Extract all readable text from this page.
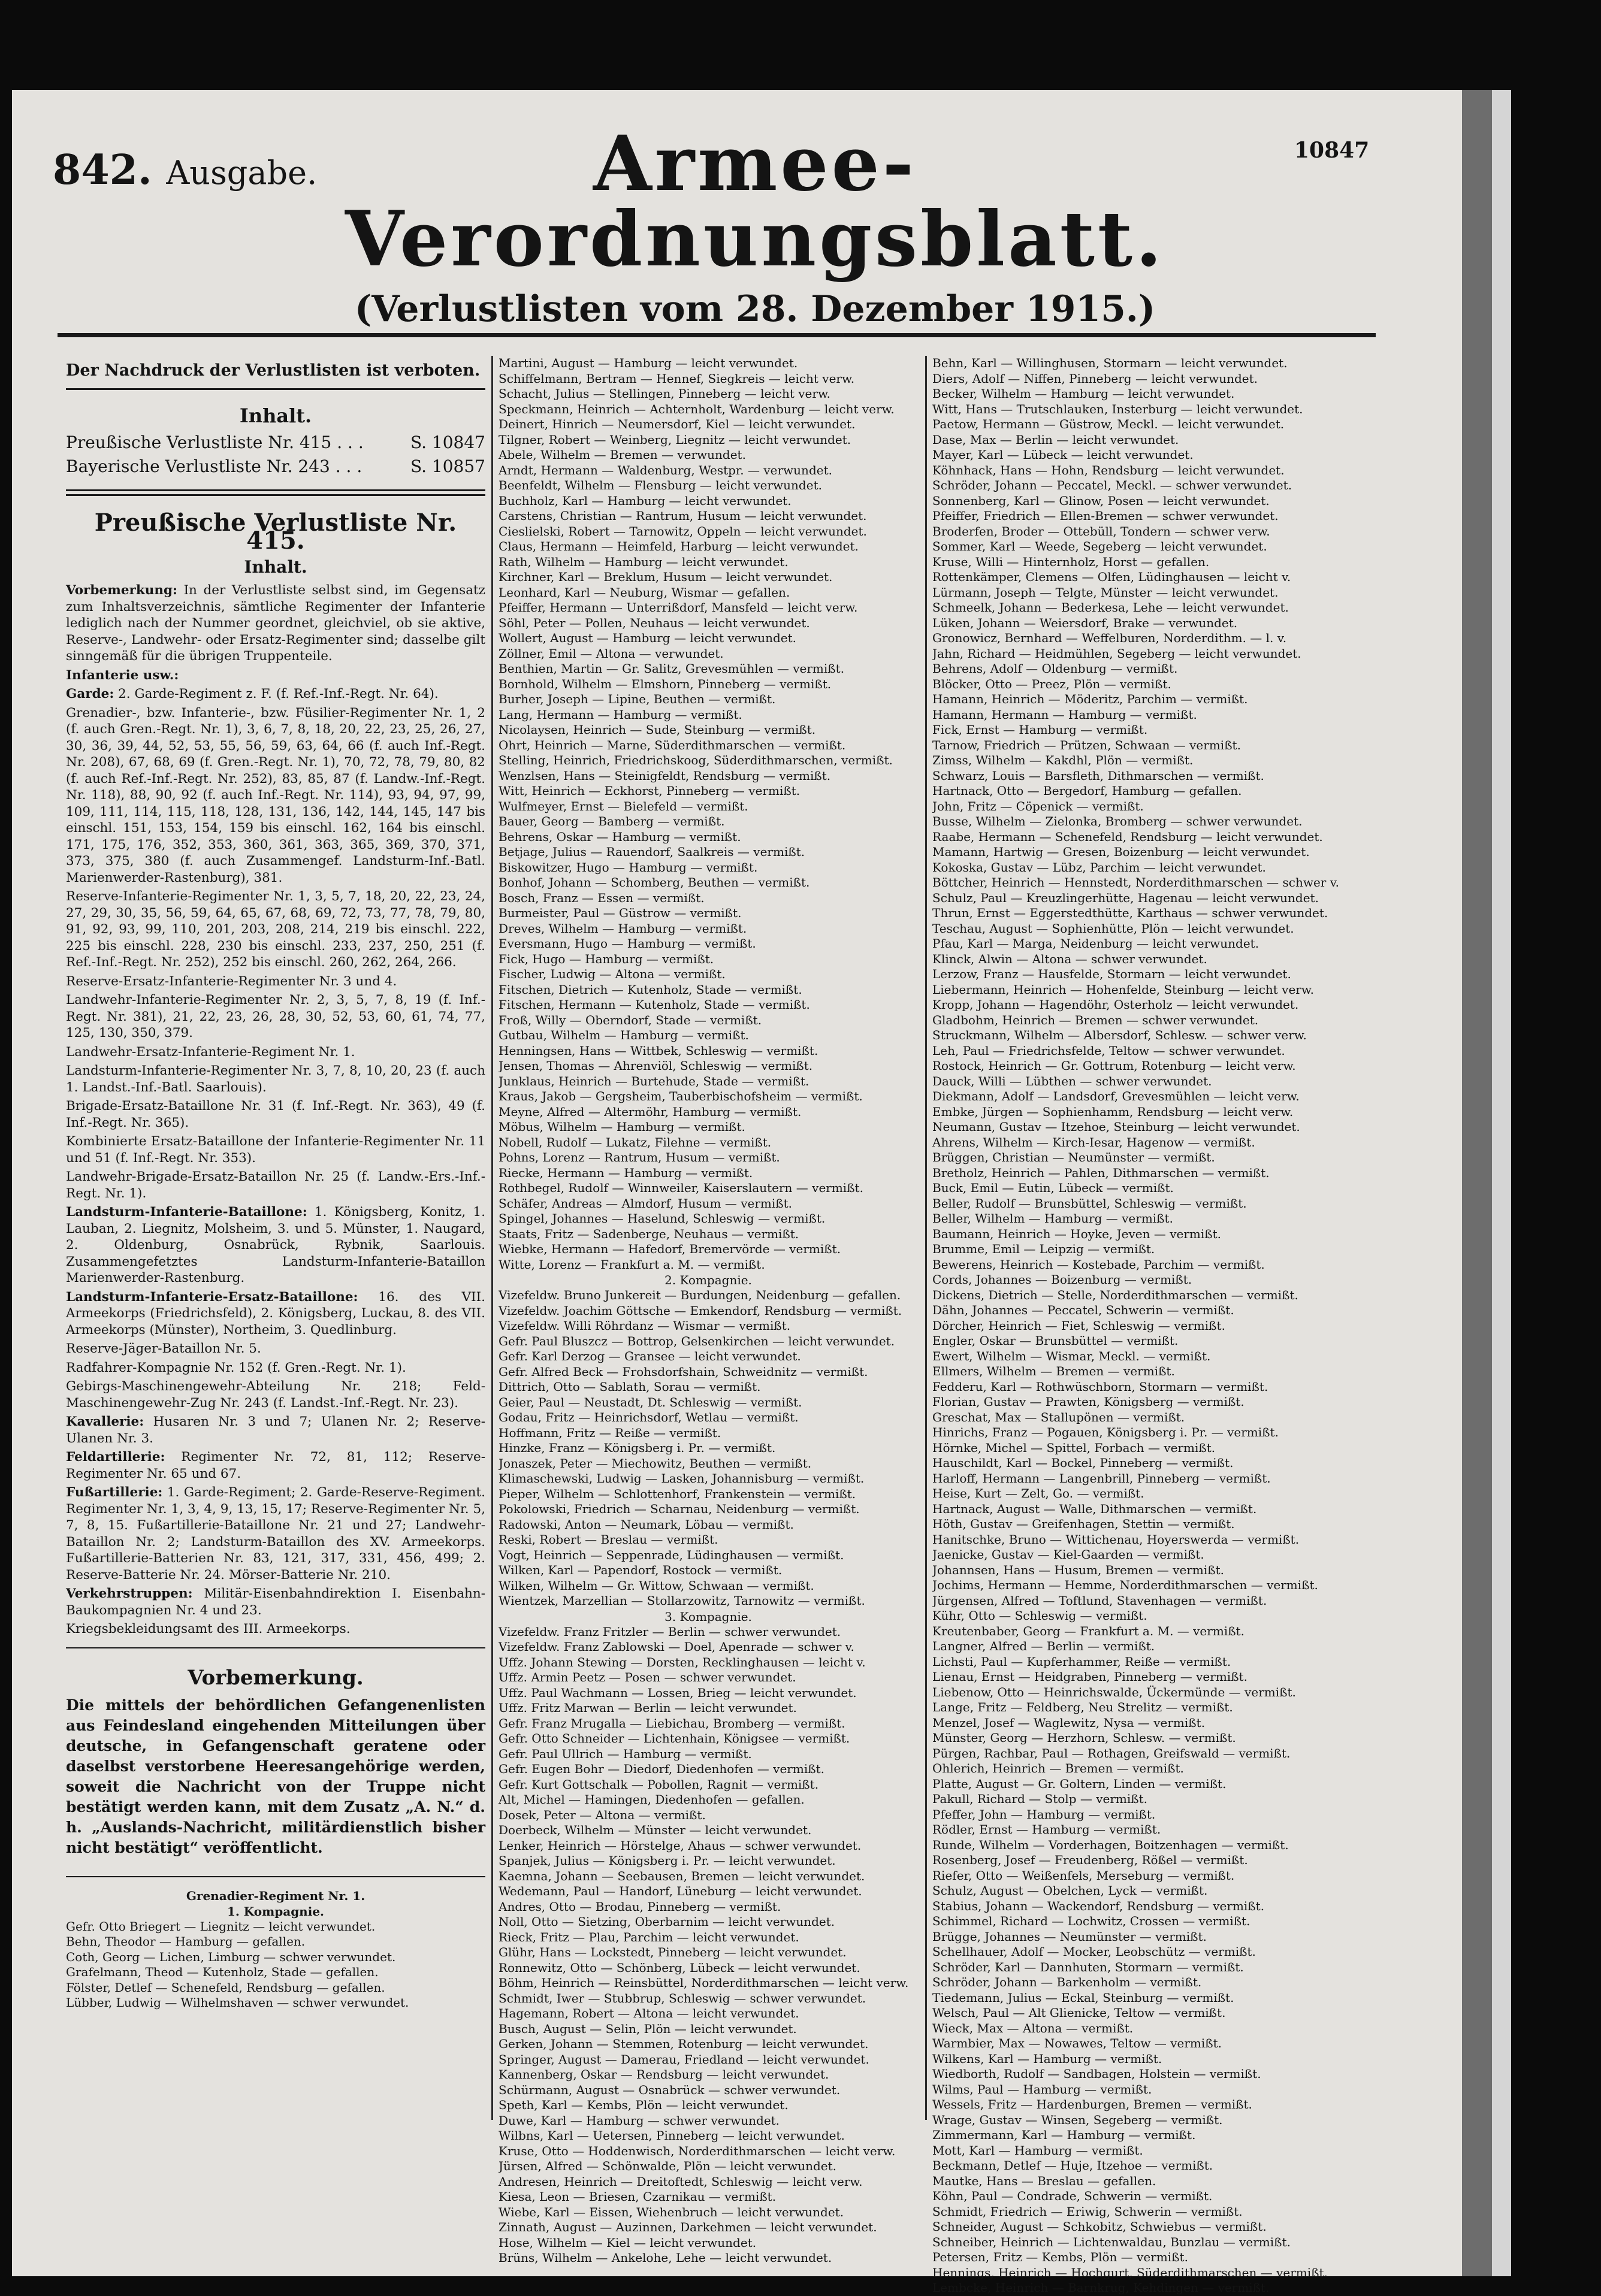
842. Ausgabe.	Armee-Verordnungsblatt.
(Verlustlisten vom 28. Dezember 1915.)
10847
Der Nachdruck der Verlustlisten ist verboten.
Inhalt.
Preußische Verlustliste Nr. 415 . . .	S. 10847
Bayerische Verlustliste Nr. 243 . . .	S. 10857
Preußische Verlustliste Nr. 415.
Inhalt.
Vorbemerkung: In der Verlustliste selbst sind, im Gegensatz zum Inhaltsverzeichnis, sämtliche Regimenter der Infanterie lediglich nach der Nummer geordnet, gleichviel, ob sie aktive, Reserve-, Landwehr- oder Ersatz-Regimenter sind; dasselbe gilt sinngemäß für die übrigen Truppenteile.
Infanterie usw.:
Garde: 2. Garde-Regiment z. F. (f. Ref.-Inf.-Regt. Nr. 64).
Grenadier-, bzw. Infanterie-, bzw. Füsilier-Regimenter Nr. 1, 2 (f. auch Gren.-Regt. Nr. 1), 3, 6, 7, 8, 18, 20, 22, 23, 25, 26, 27, 30, 36, 39, 44, 52, 53, 55, 56, 59, 63, 64, 66 (f. auch Inf.-Regt. Nr. 208), 67, 68, 69 (f. Gren.-Regt. Nr. 1), 70, 72, 78, 79, 80, 82 (f. auch Ref.-Inf.-Regt. Nr. 252), 83, 85, 87 (f. Landw.-Inf.-Regt. Nr. 118), 88, 90, 92 (f. auch Inf.-Regt. Nr. 114), 93, 94, 97, 99, 109, 111, 114, 115, 118, 128, 131, 136, 142, 144, 145, 147 bis einschl. 151, 153, 154, 159 bis einschl. 162, 164 bis einschl. 171, 175, 176, 352, 353, 360, 361, 363, 365, 369, 370, 371, 373, 375, 380 (f. auch Zusammengef. Landsturm-Inf.-Batl. Marienwerder-Rastenburg), 381.
Reserve-Infanterie-Regimenter Nr. 1, 3, 5, 7, 18, 20, 22, 23, 24, 27, 29, 30, 35, 56, 59, 64, 65, 67, 68, 69, 72, 73, 77, 78, 79, 80, 91, 92, 93, 99, 110, 201, 203, 208, 214, 219 bis einschl. 222, 225 bis einschl. 228, 230 bis einschl. 233, 237, 250, 251 (f. Ref.-Inf.-Regt. Nr. 252), 252 bis einschl. 260, 262, 264, 266.
Reserve-Ersatz-Infanterie-Regimenter Nr. 3 und 4.
Landwehr-Infanterie-Regimenter Nr. 2, 3, 5, 7, 8, 19 (f. Inf.-Regt. Nr. 381), 21, 22, 23, 26, 28, 30, 52, 53, 60, 61, 74, 77, 125, 130, 350, 379.
Landwehr-Ersatz-Infanterie-Regiment Nr. 1.
Landsturm-Infanterie-Regimenter Nr. 3, 7, 8, 10, 20, 23 (f. auch 1. Landst.-Inf.-Batl. Saarlouis).
Brigade-Ersatz-Bataillone Nr. 31 (f. Inf.-Regt. Nr. 363), 49 (f. Inf.-Regt. Nr. 365).
Kombinierte Ersatz-Bataillone der Infanterie-Regimenter Nr. 11 und 51 (f. Inf.-Regt. Nr. 353).
Landwehr-Brigade-Ersatz-Bataillon Nr. 25 (f. Landw.-Ers.-Inf.-Regt. Nr. 1).
Landsturm-Infanterie-Bataillone: 1. Königsberg, Konitz, 1. Lauban, 2. Liegnitz, Molsheim, 3. und 5. Münster, 1. Naugard, 2. Oldenburg, Osnabrück, Rybnik, Saarlouis. Zusammengefetztes Landsturm-Infanterie-Bataillon Marienwerder-Rastenburg.
Landsturm-Infanterie-Ersatz-Bataillone: 16. des VII. Armeekorps (Friedrichsfeld), 2. Königsberg, Luckau, 8. des VII. Armeekorps (Münster), Northeim, 3. Quedlinburg.
Reserve-Jäger-Bataillon Nr. 5.
Radfahrer-Kompagnie Nr. 152 (f. Gren.-Regt. Nr. 1).
Gebirgs-Maschinengewehr-Abteilung Nr. 218; Feld-Maschinengewehr-Zug Nr. 243 (f. Landst.-Inf.-Regt. Nr. 23).
Kavallerie: Husaren Nr. 3 und 7; Ulanen Nr. 2; Reserve-Ulanen Nr. 3.
Feldartillerie: Regimenter Nr. 72, 81, 112; Reserve-Regimenter Nr. 65 und 67.
Fußartillerie: 1. Garde-Regiment; 2. Garde-Reserve-Regiment. Regimenter Nr. 1, 3, 4, 9, 13, 15, 17; Reserve-Regimenter Nr. 5, 7, 8, 15. Fußartillerie-Bataillone Nr. 21 und 27; Landwehr-Bataillon Nr. 2; Landsturm-Bataillon des XV. Armeekorps. Fußartillerie-Batterien Nr. 83, 121, 317, 331, 456, 499; 2. Reserve-Batterie Nr. 24. Mörser-Batterie Nr. 210.
Verkehrstruppen: Militär-Eisenbahndirektion I. Eisenbahn-Baukompagnien Nr. 4 und 23.
Kriegsbekleidungsamt des III. Armeekorps.
Vorbemerkung.
Die mittels der behördlichen Gefangenenlisten aus Feindesland eingehenden Mitteilungen über deutsche, in Gefangenschaft geratene oder daselbst verstorbene Heeresangehörige werden, soweit die Nachricht von der Truppe nicht bestätigt werden kann, mit dem Zusatz „A. N.“ d. h. „Auslands-Nachricht, militärdienstlich bisher nicht bestätigt“ veröffentlicht.
Grenadier-Regiment Nr. 1.
1. Kompagnie.
Gefr. Otto Briegert — Liegnitz — leicht verwundet.
Behn, Theodor — Hamburg — gefallen.
Coth, Georg — Lichen, Limburg — schwer verwundet.
Grafelmann, Theod — Kutenholz, Stade — gefallen.
Fölster, Detlef — Schenefeld, Rendsburg — gefallen.
Lübber, Ludwig — Wilhelmshaven — schwer verwundet.
Martini, August — Hamburg — leicht verwundet.
Schiffelmann, Bertram — Hennef, Siegkreis — leicht verw.
Schacht, Julius — Stellingen, Pinneberg — leicht verw.
Speckmann, Heinrich — Achternholt, Wardenburg — leicht verw.
Deinert, Hinrich — Neumersdorf, Kiel — leicht verwundet.
Tilgner, Robert — Weinberg, Liegnitz — leicht verwundet.
Abele, Wilhelm — Bremen — verwundet.
Arndt, Hermann — Waldenburg, Westpr. — verwundet.
Beenfeldt, Wilhelm — Flensburg — leicht verwundet.
Buchholz, Karl — Hamburg — leicht verwundet.
Carstens, Christian — Rantrum, Husum — leicht verwundet.
Cieslielski, Robert — Tarnowitz, Oppeln — leicht verwundet.
Claus, Hermann — Heimfeld, Harburg — leicht verwundet.
Rath, Wilhelm — Hamburg — leicht verwundet.
Kirchner, Karl — Breklum, Husum — leicht verwundet.
Leonhard, Karl — Neuburg, Wismar — gefallen.
Pfeiffer, Hermann — Unterrißdorf, Mansfeld — leicht verw.
Söhl, Peter — Pollen, Neuhaus — leicht verwundet.
Wollert, August — Hamburg — leicht verwundet.
Zöllner, Emil — Altona — verwundet.
Benthien, Martin — Gr. Salitz, Grevesmühlen — vermißt.
Bornhold, Wilhelm — Elmshorn, Pinneberg — vermißt.
Burher, Joseph — Lipine, Beuthen — vermißt.
Lang, Hermann — Hamburg — vermißt.
Nicolaysen, Heinrich — Sude, Steinburg — vermißt.
Ohrt, Heinrich — Marne, Süderdithmarschen — vermißt.
Stelling, Heinrich, Friedrichskoog, Süderdithmarschen, vermißt.
Wenzlsen, Hans — Steinigfeldt, Rendsburg — vermißt.
Witt, Heinrich — Eckhorst, Pinneberg — vermißt.
Wulfmeyer, Ernst — Bielefeld — vermißt.
Bauer, Georg — Bamberg — vermißt.
Behrens, Oskar — Hamburg — vermißt.
Betjage, Julius — Rauendorf, Saalkreis — vermißt.
Biskowitzer, Hugo — Hamburg — vermißt.
Bonhof, Johann — Schomberg, Beuthen — vermißt.
Bosch, Franz — Essen — vermißt.
Burmeister, Paul — Güstrow — vermißt.
Dreves, Wilhelm — Hamburg — vermißt.
Eversmann, Hugo — Hamburg — vermißt.
Fick, Hugo — Hamburg — vermißt.
Fischer, Ludwig — Altona — vermißt.
Fitschen, Dietrich — Kutenholz, Stade — vermißt.
Fitschen, Hermann — Kutenholz, Stade — vermißt.
Froß, Willy — Oberndorf, Stade — vermißt.
Gutbau, Wilhelm — Hamburg — vermißt.
Henningsen, Hans — Wittbek, Schleswig — vermißt.
Jensen, Thomas — Ahrenviöl, Schleswig — vermißt.
Junklaus, Heinrich — Burtehude, Stade — vermißt.
Kraus, Jakob — Gergsheim, Tauberbischofsheim — vermißt.
Meyne, Alfred — Altermöhr, Hamburg — vermißt.
Möbus, Wilhelm — Hamburg — vermißt.
Nobell, Rudolf — Lukatz, Filehne — vermißt.
Pohns, Lorenz — Rantrum, Husum — vermißt.
Riecke, Hermann — Hamburg — vermißt.
Rothbegel, Rudolf — Winnweiler, Kaiserslautern — vermißt.
Schäfer, Andreas — Almdorf, Husum — vermißt.
Spingel, Johannes — Haselund, Schleswig — vermißt.
Staats, Fritz — Sadenberge, Neuhaus — vermißt.
Wiebke, Hermann — Hafedorf, Bremervörde — vermißt.
Witte, Lorenz — Frankfurt a. M. — vermißt.
2. Kompagnie.
Vizefeldw. Bruno Junkereit — Burdungen, Neidenburg — gefallen.
Vizefeldw. Joachim Göttsche — Emkendorf, Rendsburg — vermißt.
Vizefeldw. Willi Röhrdanz — Wismar — vermißt.
Gefr. Paul Bluszcz — Bottrop, Gelsenkirchen — leicht verwundet.
Gefr. Karl Derzog — Gransee — leicht verwundet.
Gefr. Alfred Beck — Frohsdorfshain, Schweidnitz — vermißt.
Dittrich, Otto — Sablath, Sorau — vermißt.
Geier, Paul — Neustadt, Dt. Schleswig — vermißt.
Godau, Fritz — Heinrichsdorf, Wetlau — vermißt.
Hoffmann, Fritz — Reiße — vermißt.
Hinzke, Franz — Königsberg i. Pr. — vermißt.
Jonaszek, Peter — Miechowitz, Beuthen — vermißt.
Klimaschewski, Ludwig — Lasken, Johannisburg — vermißt.
Pieper, Wilhelm — Schlottenhorf, Frankenstein — vermißt.
Pokolowski, Friedrich — Scharnau, Neidenburg — vermißt.
Radowski, Anton — Neumark, Löbau — vermißt.
Reski, Robert — Breslau — vermißt.
Vogt, Heinrich — Seppenrade, Lüdinghausen — vermißt.
Wilken, Karl — Papendorf, Rostock — vermißt.
Wilken, Wilhelm — Gr. Wittow, Schwaan — vermißt.
Wientzek, Marzellian — Stollarzowitz, Tarnowitz — vermißt.
3. Kompagnie.
Vizefeldw. Franz Fritzler — Berlin — schwer verwundet.
Vizefeldw. Franz Zablowski — Doel, Apenrade — schwer v.
Uffz. Johann Stewing — Dorsten, Recklinghausen — leicht v.
Uffz. Armin Peetz — Posen — schwer verwundet.
Uffz. Paul Wachmann — Lossen, Brieg — leicht verwundet.
Uffz. Fritz Marwan — Berlin — leicht verwundet.
Gefr. Franz Mrugalla — Liebichau, Bromberg — vermißt.
Gefr. Otto Schneider — Lichtenhain, Königsee — vermißt.
Gefr. Paul Ullrich — Hamburg — vermißt.
Gefr. Eugen Bohr — Diedorf, Diedenhofen — vermißt.
Gefr. Kurt Gottschalk — Pobollen, Ragnit — vermißt.
Alt, Michel — Hamingen, Diedenhofen — gefallen.
Dosek, Peter — Altona — vermißt.
Doerbeck, Wilhelm — Münster — leicht verwundet.
Lenker, Heinrich — Hörstelge, Ahaus — schwer verwundet.
Spanjek, Julius — Königsberg i. Pr. — leicht verwundet.
Kaemna, Johann — Seebausen, Bremen — leicht verwundet.
Wedemann, Paul — Handorf, Lüneburg — leicht verwundet.
Andres, Otto — Brodau, Pinneberg — vermißt.
Noll, Otto — Sietzing, Oberbarnim — leicht verwundet.
Rieck, Fritz — Plau, Parchim — leicht verwundet.
Glühr, Hans — Lockstedt, Pinneberg — leicht verwundet.
Ronnewitz, Otto — Schönberg, Lübeck — leicht verwundet.
Böhm, Heinrich — Reinsbüttel, Norderdithmarschen — leicht verw.
Schmidt, Iwer — Stubbrup, Schleswig — schwer verwundet.
Hagemann, Robert — Altona — leicht verwundet.
Busch, August — Selin, Plön — leicht verwundet.
Gerken, Johann — Stemmen, Rotenburg — leicht verwundet.
Springer, August — Damerau, Friedland — leicht verwundet.
Kannenberg, Oskar — Rendsburg — leicht verwundet.
Schürmann, August — Osnabrück — schwer verwundet.
Speth, Karl — Kembs, Plön — leicht verwundet.
Duwe, Karl — Hamburg — schwer verwundet.
Wilbns, Karl — Uetersen, Pinneberg — leicht verwundet.
Kruse, Otto — Hoddenwisch, Norderdithmarschen — leicht verw.
Jürsen, Alfred — Schönwalde, Plön — leicht verwundet.
Andresen, Heinrich — Dreitoftedt, Schleswig — leicht verw.
Kiesa, Leon — Briesen, Czarnikau — vermißt.
Wiebe, Karl — Eissen, Wiehenbruch — leicht verwundet.
Zinnath, August — Auzinnen, Darkehmen — leicht verwundet.
Hose, Wilhelm — Kiel — leicht verwundet.
Brüns, Wilhelm — Ankelohe, Lehe — leicht verwundet.
Behn, Karl — Willinghusen, Stormarn — leicht verwundet.
Diers, Adolf — Niffen, Pinneberg — leicht verwundet.
Becker, Wilhelm — Hamburg — leicht verwundet.
Witt, Hans — Trutschlauken, Insterburg — leicht verwundet.
Paetow, Hermann — Güstrow, Meckl. — leicht verwundet.
Dase, Max — Berlin — leicht verwundet.
Mayer, Karl — Lübeck — leicht verwundet.
Köhnhack, Hans — Hohn, Rendsburg — leicht verwundet.
Schröder, Johann — Peccatel, Meckl. — schwer verwundet.
Sonnenberg, Karl — Glinow, Posen — leicht verwundet.
Pfeiffer, Friedrich — Ellen-Bremen — schwer verwundet.
Broderfen, Broder — Ottebüll, Tondern — schwer verw.
Sommer, Karl — Weede, Segeberg — leicht verwundet.
Kruse, Willi — Hinternholz, Horst — gefallen.
Rottenkämper, Clemens — Olfen, Lüdinghausen — leicht v.
Lürmann, Joseph — Telgte, Münster — leicht verwundet.
Schmeelk, Johann — Bederkesa, Lehe — leicht verwundet.
Lüken, Johann — Weiersdorf, Brake — verwundet.
Gronowicz, Bernhard — Weffelburen, Norderdithm. — l. v.
Jahn, Richard — Heidmühlen, Segeberg — leicht verwundet.
Behrens, Adolf — Oldenburg — vermißt.
Blöcker, Otto — Preez, Plön — vermißt.
Hamann, Heinrich — Möderitz, Parchim — vermißt.
Hamann, Hermann — Hamburg — vermißt.
Fick, Ernst — Hamburg — vermißt.
Tarnow, Friedrich — Prützen, Schwaan — vermißt.
Zimss, Wilhelm — Kakdhl, Plön — vermißt.
Schwarz, Louis — Barsfleth, Dithmarschen — vermißt.
Hartnack, Otto — Bergedorf, Hamburg — gefallen.
John, Fritz — Cöpenick — vermißt.
Busse, Wilhelm — Zielonka, Bromberg — schwer verwundet.
Raabe, Hermann — Schenefeld, Rendsburg — leicht verwundet.
Mamann, Hartwig — Gresen, Boizenburg — leicht verwundet.
Kokoska, Gustav — Lübz, Parchim — leicht verwundet.
Böttcher, Heinrich — Hennstedt, Norderdithmarschen — schwer v.
Schulz, Paul — Kreuzlingerhütte, Hagenau — leicht verwundet.
Thrun, Ernst — Eggerstedthütte, Karthaus — schwer verwundet.
Teschau, August — Sophienhütte, Plön — leicht verwundet.
Pfau, Karl — Marga, Neidenburg — leicht verwundet.
Klinck, Alwin — Altona — schwer verwundet.
Lerzow, Franz — Hausfelde, Stormarn — leicht verwundet.
Liebermann, Heinrich — Hohenfelde, Steinburg — leicht verw.
Kropp, Johann — Hagendöhr, Osterholz — leicht verwundet.
Gladbohm, Heinrich — Bremen — schwer verwundet.
Struckmann, Wilhelm — Albersdorf, Schlesw. — schwer verw.
Leh, Paul — Friedrichsfelde, Teltow — schwer verwundet.
Rostock, Heinrich — Gr. Gottrum, Rotenburg — leicht verw.
Dauck, Willi — Lübthen — schwer verwundet.
Diekmann, Adolf — Landsdorf, Grevesmühlen — leicht verw.
Embke, Jürgen — Sophienhamm, Rendsburg — leicht verw.
Neumann, Gustav — Itzehoe, Steinburg — leicht verwundet.
Ahrens, Wilhelm — Kirch-Iesar, Hagenow — vermißt.
Brüggen, Christian — Neumünster — vermißt.
Bretholz, Heinrich — Pahlen, Dithmarschen — vermißt.
Buck, Emil — Eutin, Lübeck — vermißt.
Beller, Rudolf — Brunsbüttel, Schleswig — vermißt.
Beller, Wilhelm — Hamburg — vermißt.
Baumann, Heinrich — Hoyke, Jeven — vermißt.
Brumme, Emil — Leipzig — vermißt.
Bewerens, Heinrich — Kostebade, Parchim — vermißt.
Cords, Johannes — Boizenburg — vermißt.
Dickens, Dietrich — Stelle, Norderdithmarschen — vermißt.
Dähn, Johannes — Peccatel, Schwerin — vermißt.
Dörcher, Heinrich — Fiet, Schleswig — vermißt.
Engler, Oskar — Brunsbüttel — vermißt.
Ewert, Wilhelm — Wismar, Meckl. — vermißt.
Ellmers, Wilhelm — Bremen — vermißt.
Fedderu, Karl — Rothwüschborn, Stormarn — vermißt.
Florian, Gustav — Prawten, Königsberg — vermißt.
Greschat, Max — Stallupönen — vermißt.
Hinrichs, Franz — Pogauen, Königsberg i. Pr. — vermißt.
Hörnke, Michel — Spittel, Forbach — vermißt.
Hauschildt, Karl — Bockel, Pinneberg — vermißt.
Harloff, Hermann — Langenbrill, Pinneberg — vermißt.
Heise, Kurt — Zelt, Go. — vermißt.
Hartnack, August — Walle, Dithmarschen — vermißt.
Höth, Gustav — Greifenhagen, Stettin — vermißt.
Hanitschke, Bruno — Wittichenau, Hoyerswerda — vermißt.
Jaenicke, Gustav — Kiel-Gaarden — vermißt.
Johannsen, Hans — Husum, Bremen — vermißt.
Jochims, Hermann — Hemme, Norderdithmarschen — vermißt.
Jürgensen, Alfred — Toftlund, Stavenhagen — vermißt.
Kühr, Otto — Schleswig — vermißt.
Kreutenbaber, Georg — Frankfurt a. M. — vermißt.
Langner, Alfred — Berlin — vermißt.
Lichsti, Paul — Kupferhammer, Reiße — vermißt.
Lienau, Ernst — Heidgraben, Pinneberg — vermißt.
Liebenow, Otto — Heinrichswalde, Ückermünde — vermißt.
Lange, Fritz — Feldberg, Neu Strelitz — vermißt.
Menzel, Josef — Waglewitz, Nysa — vermißt.
Münster, Georg — Herzhorn, Schlesw. — vermißt.
Pürgen, Rachbar, Paul — Rothagen, Greifswald — vermißt.
Ohlerich, Heinrich — Bremen — vermißt.
Platte, August — Gr. Goltern, Linden — vermißt.
Pakull, Richard — Stolp — vermißt.
Pfeffer, John — Hamburg — vermißt.
Rödler, Ernst — Hamburg — vermißt.
Runde, Wilhelm — Vorderhagen, Boitzenhagen — vermißt.
Rosenberg, Josef — Freudenberg, Rößel — vermißt.
Riefer, Otto — Weißenfels, Merseburg — vermißt.
Schulz, August — Obelchen, Lyck — vermißt.
Stabius, Johann — Wackendorf, Rendsburg — vermißt.
Schimmel, Richard — Lochwitz, Crossen — vermißt.
Brügge, Johannes — Neumünster — vermißt.
Schellhauer, Adolf — Mocker, Leobschütz — vermißt.
Schröder, Karl — Dannhuten, Stormarn — vermißt.
Schröder, Johann — Barkenholm — vermißt.
Tiedemann, Julius — Eckal, Steinburg — vermißt.
Welsch, Paul — Alt Glienicke, Teltow — vermißt.
Wieck, Max — Altona — vermißt.
Warmbier, Max — Nowawes, Teltow — vermißt.
Wilkens, Karl — Hamburg — vermißt.
Wiedborth, Rudolf — Sandbagen, Holstein — vermißt.
Wilms, Paul — Hamburg — vermißt.
Wessels, Fritz — Hardenburgen, Bremen — vermißt.
Wrage, Gustav — Winsen, Segeberg — vermißt.
Zimmermann, Karl — Hamburg — vermißt.
Mott, Karl — Hamburg — vermißt.
Beckmann, Detlef — Huje, Itzehoe — vermißt.
Mautke, Hans — Breslau — gefallen.
Köhn, Paul — Condrade, Schwerin — vermißt.
Schmidt, Friedrich — Eriwig, Schwerin — vermißt.
Schneider, August — Schkobitz, Schwiebus — vermißt.
Schneiber, Heinrich — Lichtenwaldau, Bunzlau — vermißt.
Petersen, Fritz — Kembs, Plön — vermißt.
Hennings, Heinrich — Hochgurt, Süderdithmarschen — vermißt.
Lembcke, Heinrich — Barnkrug, Kehdingen — vermißt.
